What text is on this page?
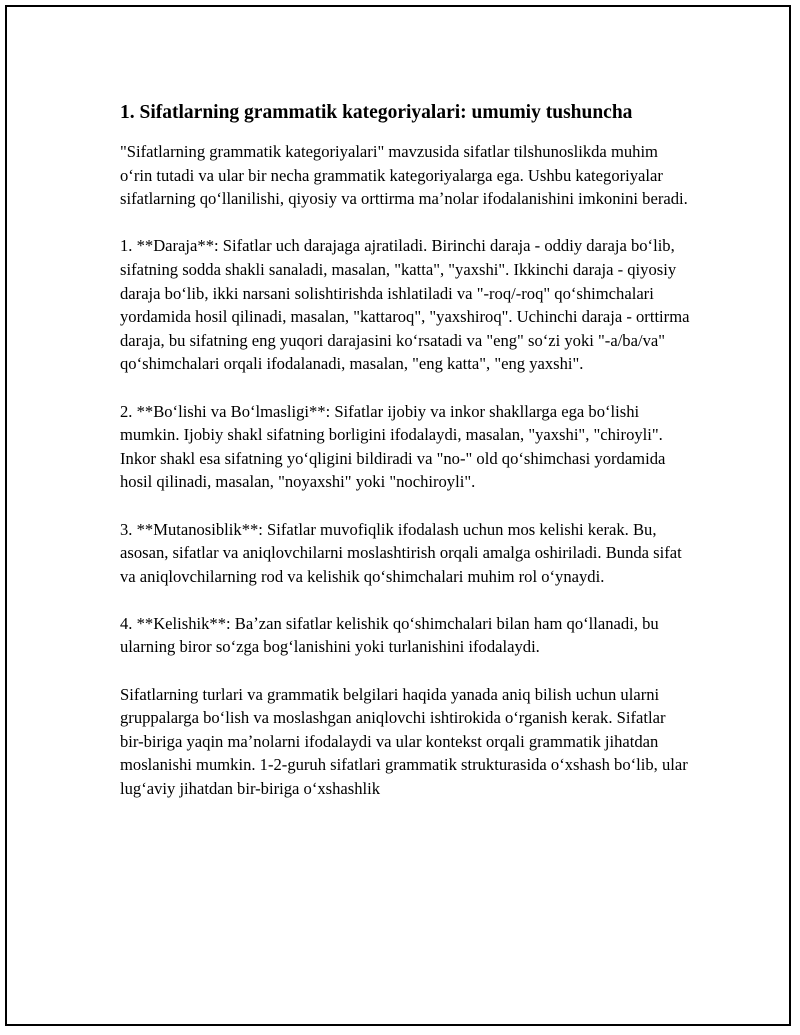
1. Sifatlarning grammatik kategoriyalari: umumiy tushuncha

"Sifatlarning grammatik kategoriyalari" mavzusida sifatlar tilshunoslikda muhim oʻrin tutadi va ular bir necha grammatik kategoriyalarga ega. Ushbu kategoriyalar sifatlarning qoʻllanilishi, qiyosiy va orttirma maʼnolar ifodalanishini imkonini beradi.

1. **Daraja**: Sifatlar uch darajaga ajratiladi. Birinchi daraja - oddiy daraja boʻlib, sifatning sodda shakli sanaladi, masalan, "katta", "yaxshi". Ikkinchi daraja - qiyosiy daraja boʻlib, ikki narsani solishtirishda ishlatiladi va "-roq/-roq" qoʻshimchalari yordamida hosil qilinadi, masalan, "kattaroq", "yaxshiroq". Uchinchi daraja - orttirma daraja, bu sifatning eng yuqori darajasini koʻrsatadi va "eng" soʻzi yoki "-a/ba/va" qoʻshimchalari orqali ifodalanadi, masalan, "eng katta", "eng yaxshi".

2. **Boʻlishi va Boʻlmasligi**: Sifatlar ijobiy va inkor shakllarga ega boʻlishi mumkin. Ijobiy shakl sifatning borligini ifodalaydi, masalan, "yaxshi", "chiroyli". Inkor shakl esa sifatning yoʻqligini bildiradi va "no-" old qoʻshimchasi yordamida hosil qilinadi, masalan, "noyaxshi" yoki "nochiroyli".

3. **Mutanosiblik**: Sifatlar muvofiqlik ifodalash uchun mos kelishi kerak. Bu, asosan, sifatlar va aniqlovchilarni moslashtirish orqali amalga oshiriladi. Bunda sifat va aniqlovchilarning rod va kelishik qoʻshimchalari muhim rol oʻynaydi.

4. **Kelishik**: Baʼzan sifatlar kelishik qoʻshimchalari bilan ham qoʻllanadi, bu ularning biror soʻzga bogʻlanishini yoki turlanishini ifodalaydi.

Sifatlarning turlari va grammatik belgilari haqida yanada aniq bilish uchun ularni gruppalarga boʻlish va moslashgan aniqlovchi ishtirokida oʻrganish kerak. Sifatlar bir-biriga yaqin maʼnolarni ifodalaydi va ular kontekst orqali grammatik jihatdan moslanishi mumkin. 1-2-guruh sifatlari grammatik strukturasida oʻxshash boʻlib, ular lugʻaviy jihatdan bir-biriga oʻxshashlik
